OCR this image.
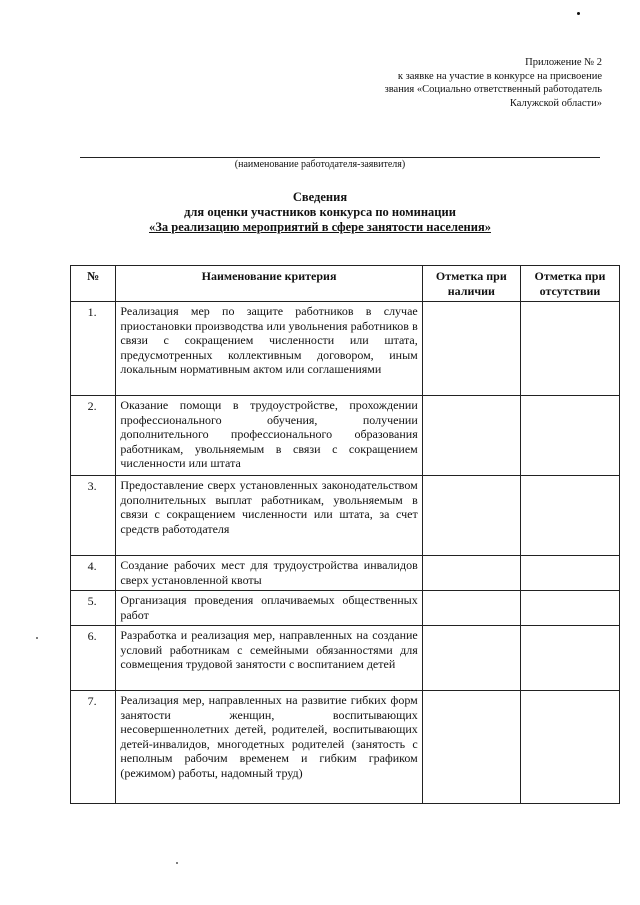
Приложение № 2
к заявке на участие в конкурсе на присвоение
звания «Социально ответственный работодатель
Калужской области»
(наименование работодателя-заявителя)
Сведения
для оценки участников конкурса по номинации
«За реализацию мероприятий в сфере занятости населения»
№	Наименование критерия	Отметка при наличии	Отметка при отсутствии
1.	Реализация мер по защите работников в случае приостановки производства или увольнения работников в связи с сокращением численности или штата, предусмотренных коллективным договором, иным локальным нормативным актом или соглашениями		
2.	Оказание помощи в трудоустройстве, прохождении профессионального обучения, получении дополнительного профессионального образования работникам, увольняемым в связи с сокращением численности или штата		
3.	Предоставление сверх установленных законодательством дополнительных выплат работникам, увольняемым в связи с сокращением численности или штата, за счет средств работодателя		
4.	Создание рабочих мест для трудоустройства инвалидов сверх установленной квоты		
5.	Организация проведения оплачиваемых общественных работ		
6.	Разработка и реализация мер, направленных на создание условий работникам с семейными обязанностями для совмещения трудовой занятости с воспитанием детей		
7.	Реализация мер, направленных на развитие гибких форм занятости женщин, воспитывающих несовершеннолетних детей, родителей, воспитывающих детей-инвалидов, многодетных родителей (занятость с неполным рабочим временем и гибким графиком (режимом) работы, надомный труд)		
